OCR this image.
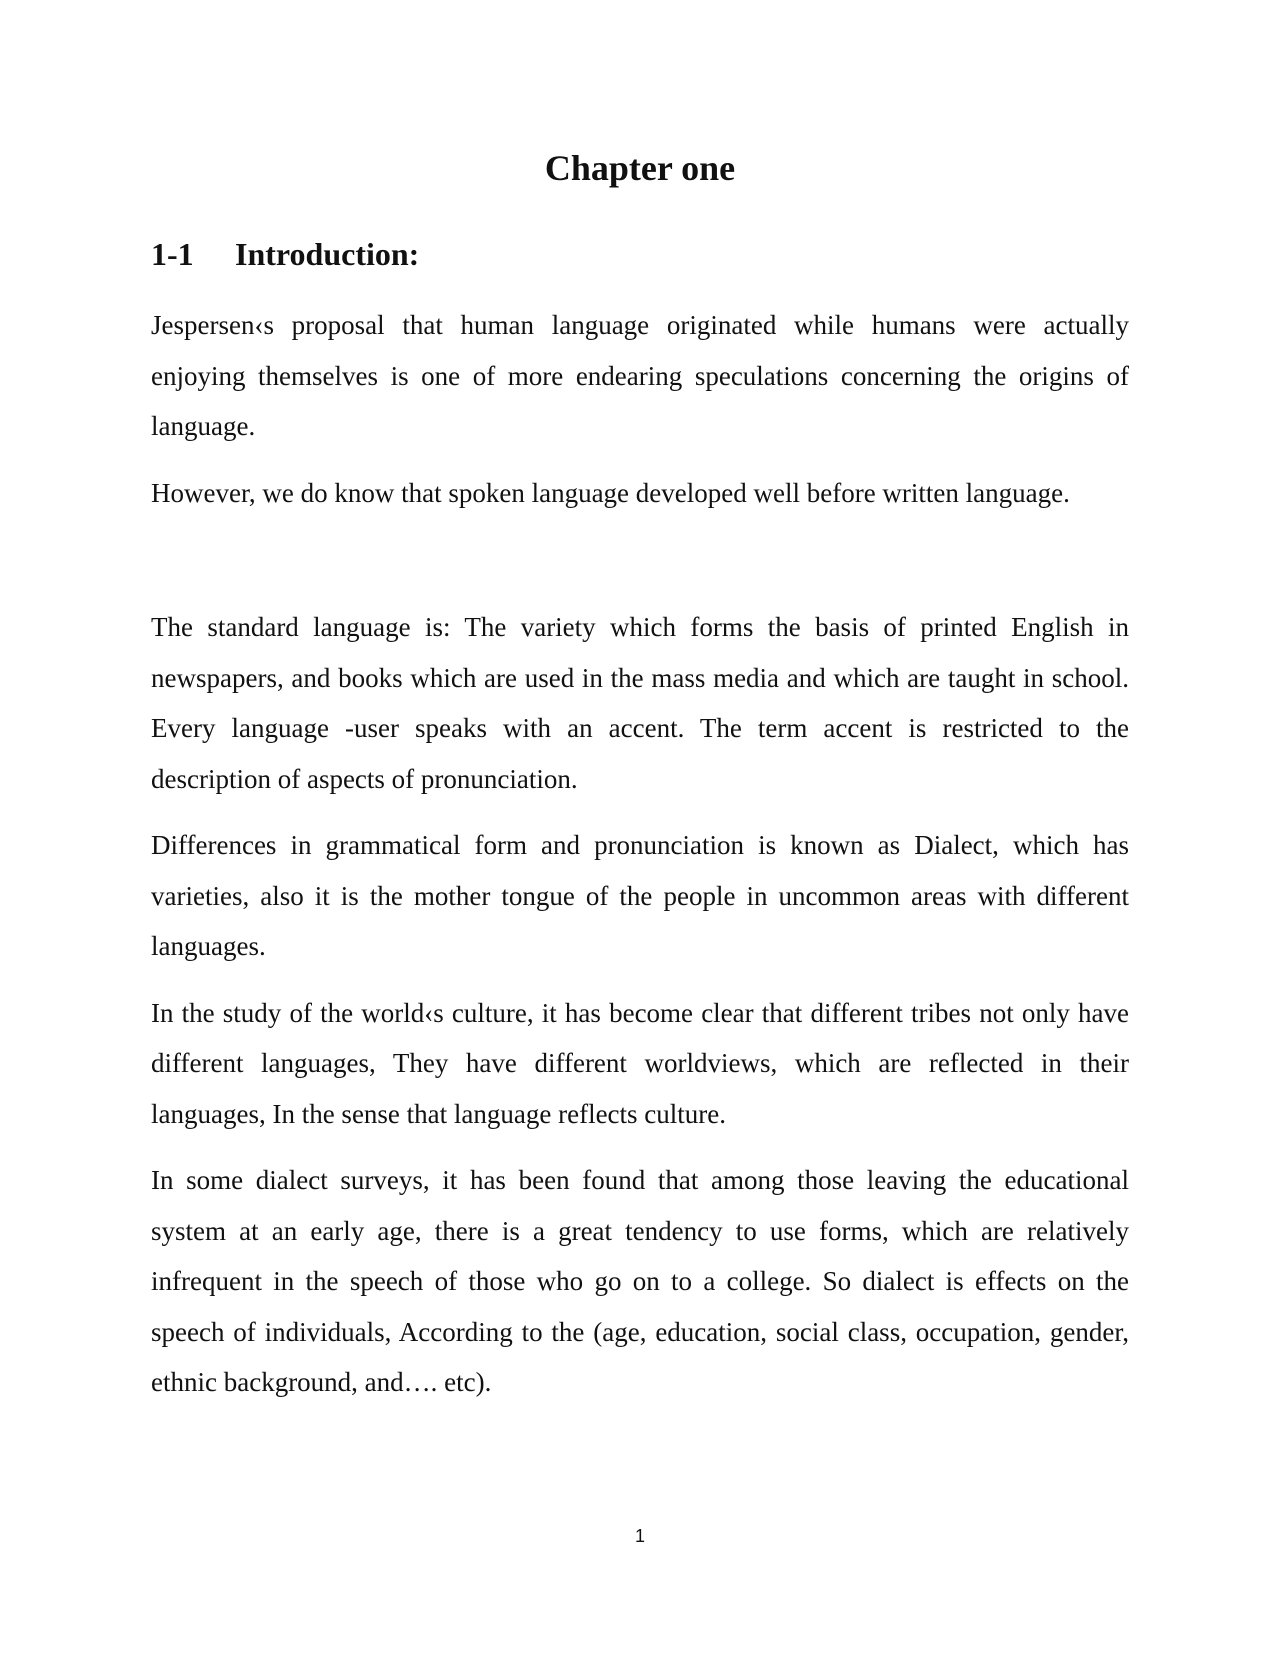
Chapter one
1-1 Introduction:

Jespersen‹s proposal that human language originated while humans were actually enjoying themselves is one of more endearing speculations concerning the origins of language.

However, we do know that spoken language developed well before written language.

The standard language is: The variety which forms the basis of printed English in newspapers, and books which are used in the mass media and which are taught in school. Every language -user speaks with an accent. The term accent is restricted to the description of aspects of pronunciation.

Differences in grammatical form and pronunciation is known as Dialect, which has varieties, also it is the mother tongue of the people in uncommon areas with different languages.

In the study of the world‹s culture, it has become clear that different tribes not only have different languages, They have different worldviews, which are reflected in their languages, In the sense that language reflects culture.

In some dialect surveys, it has been found that among those leaving the educational system at an early age, there is a great tendency to use forms, which are relatively infrequent in the speech of those who go on to a college. So dialect is effects on the speech of individuals, According to the (age, education, social class, occupation, gender, ethnic background, and…. etc).

1
